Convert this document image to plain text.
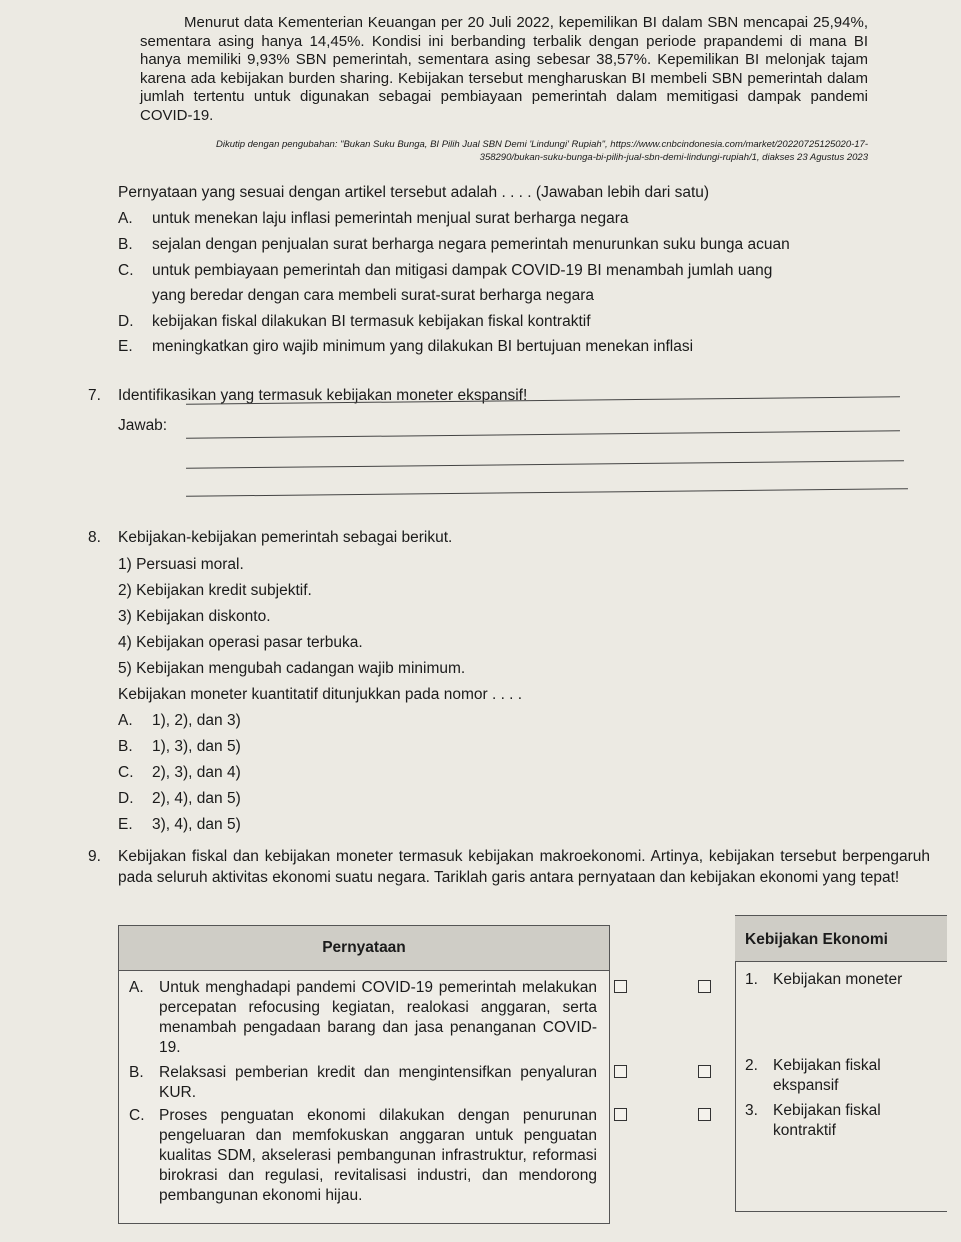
Menurut data Kementerian Keuangan per 20 Juli 2022, kepemilikan BI dalam SBN mencapai 25,94%, sementara asing hanya 14,45%. Kondisi ini berbanding terbalik dengan periode prapandemi di mana BI hanya memiliki 9,93% SBN pemerintah, sementara asing sebesar 38,57%. Kepemilikan BI melonjak tajam karena ada kebijakan burden sharing. Kebijakan tersebut mengharuskan BI membeli SBN pemerintah dalam jumlah tertentu untuk digunakan sebagai pembiayaan pemerintah dalam memitigasi dampak pandemi COVID-19.

Dikutip dengan pengubahan: "Bukan Suku Bunga, BI Pilih Jual SBN Demi 'Lindungi' Rupiah", https://www.cnbcindonesia.com/market/20220725125020-17-358290/bukan-suku-bunga-bi-pilih-jual-sbn-demi-lindungi-rupiah/1, diakses 23 Agustus 2023
Pernyataan yang sesuai dengan artikel tersebut adalah . . . . (Jawaban lebih dari satu)
A. untuk menekan laju inflasi pemerintah menjual surat berharga negara
B. sejalan dengan penjualan surat berharga negara pemerintah menurunkan suku bunga acuan
C. untuk pembiayaan pemerintah dan mitigasi dampak COVID-19 BI menambah jumlah uang
yang beredar dengan cara membeli surat-surat berharga negara
D. kebijakan fiskal dilakukan BI termasuk kebijakan fiskal kontraktif
E. meningkatkan giro wajib minimum yang dilakukan BI bertujuan menekan inflasi
7. Identifikasikan yang termasuk kebijakan moneter ekspansif!
Jawab:
8. Kebijakan-kebijakan pemerintah sebagai berikut.
1) Persuasi moral.
2) Kebijakan kredit subjektif.
3) Kebijakan diskonto.
4) Kebijakan operasi pasar terbuka.
5) Kebijakan mengubah cadangan wajib minimum.
Kebijakan moneter kuantitatif ditunjukkan pada nomor . . . .
A. 1), 2), dan 3)
B. 1), 3), dan 5)
C. 2), 3), dan 4)
D. 2), 4), dan 5)
E. 3), 4), dan 5)
9. Kebijakan fiskal dan kebijakan moneter termasuk kebijakan makroekonomi. Artinya, kebijakan tersebut berpengaruh pada seluruh aktivitas ekonomi suatu negara. Tariklah garis antara pernyataan dan kebijakan ekonomi yang tepat!
Pernyataan
A. Untuk menghadapi pandemi COVID-19 pemerintah melakukan percepatan refocusing kegiatan, realokasi anggaran, serta menambah pengadaan barang dan jasa penanganan COVID-19.
B. Relaksasi pemberian kredit dan mengintensifkan penyaluran KUR.
C. Proses penguatan ekonomi dilakukan dengan penurunan pengeluaran dan memfokuskan anggaran untuk penguatan kualitas SDM, akselerasi pembangunan infrastruktur, reformasi birokrasi dan regulasi, revitalisasi industri, dan mendorong pembangunan ekonomi hijau.
Kebijakan Ekonomi
1. Kebijakan moneter
2. Kebijakan fiskal ekspansif
3. Kebijakan fiskal kontraktif
